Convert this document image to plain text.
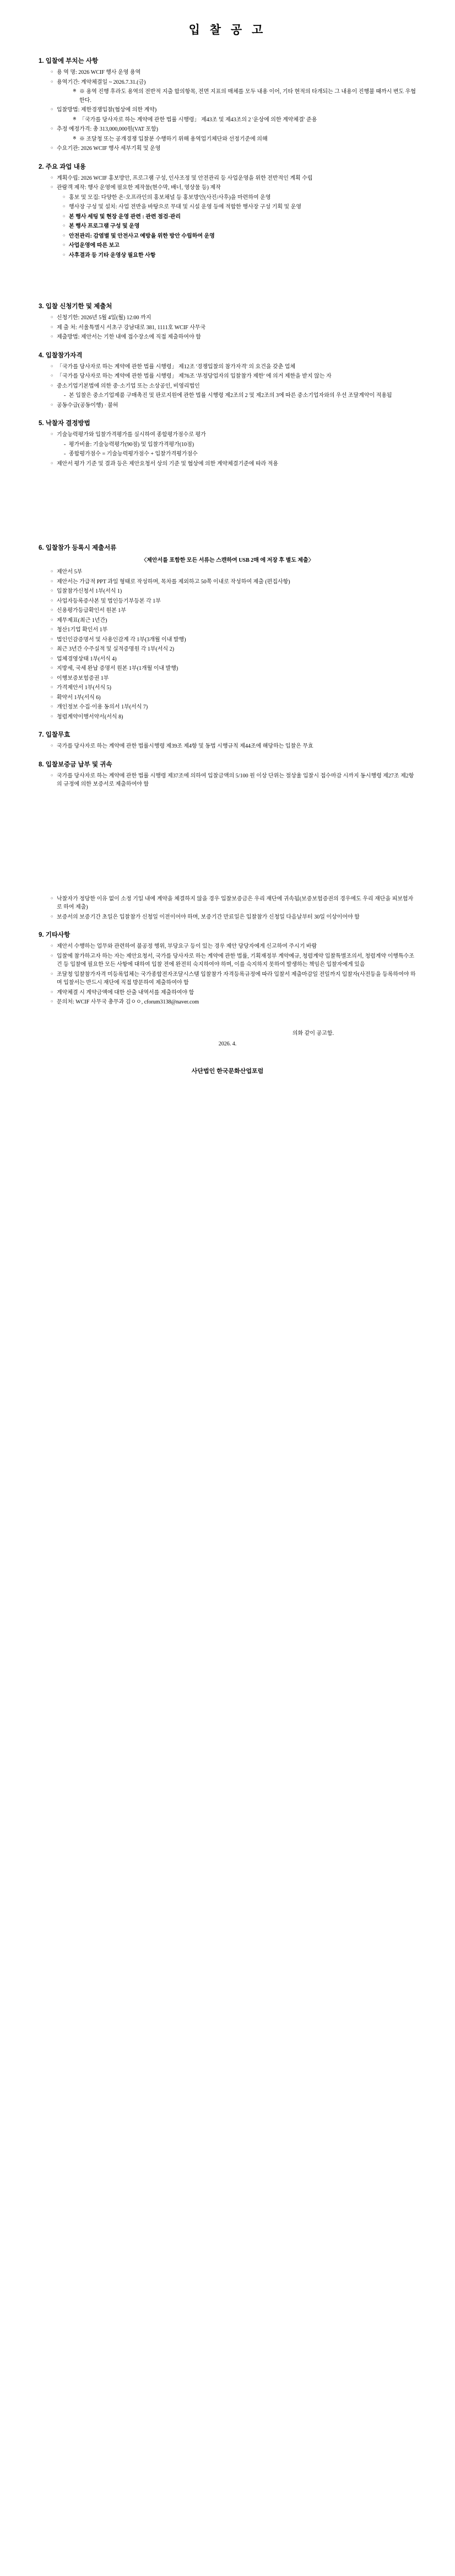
입 찰 공 고
1. 입찰에 부치는 사항
○ 용 역 명: 2026 WCIF 행사 운영 용역
○ 용역기간: 계약체결일 ~ 2026.7.31.(금)
※ ※ 용역 진행 후라도 용역의 전반적 지출 합의항목, 전면 지표의 매체를 모두 내용 이어, 기타 현적의 타개되는 그 내용이 진행불 때까시 변도 우협한다.
○ 입찰방법: 제한경쟁입찰(협상에 의한 계약)
※ 「국가를 당사자로 하는 계약에 관한 법률 시행령」 제43조 및 제43조의 2 '운상에 의한 계약체결' 준용
○ 추정 예정가격: 총 313,000,000원(VAT 포함)
※ ※ 조달청 또는 공개경쟁 입찰분 수행하기 위해 용역업기체단와 선정기준에 의해
○ 수요기관: 2026 WCIF 행사 세부기획 및 운영
2. 주요 과업 내용
○ 계획수립: 2026 WCIF 홍보방안, 프로그램 구성, 인사조정 및 안전관리 등 사업운영을 위한 전반적인 계획 수립
○ 관람객 제작: 행사 운영에 필요한 제작물(현수막, 배너, 영상물 등) 제작
○ 홍보 및 모집: 다양한 온·오프라인의 홍보채널 등 홍보방안(사진/사후)을 마련하여 운영
○ 행사장 구성 및 설치: 사업 전반을 바탕으로 무대 및 시설 운영 등에 적합한 행사장 구성 기획 및 운영
○ 본 행사 세팅 및 현장 운영 관련 : 관련 점검·관리
○ 본 행사 프로그램 구성 및 운영
○ 안전관리: 감염별 및 안전사고 예방을 위한 방안 수립하여 운영
○ 사업운영에 따른 보고
○ 사후결과 등 기타 운영상 필요한 사항
3. 입찰 신청기한 및 제출처
○ 신청기한: 2026년 5월 4일(월) 12:00 까지
○ 제 출 처: 서울특별시 서초구 강남대로 381, 1111호 WCIF 사무국
○ 제출방법: 제안서는 기한 내에 접수장소에 직접 제출하여야 함
4. 입찰참가자격
○ 「국가를 당사자로 하는 계약에 관한 법률 시행령」 제12조 '경쟁입찰의 참가자격' 의 요건을 갖춘 업체
○ 「국가를 당사자로 하는 계약에 관한 법률 시행령」 제76조 '부정당업자의 입찰참가 제한' 에 의거 제한을 받지 않는 자
○ 중소기업기본법에 의한 중·소기업 또는 소상공인, 비영리법인
- 본 입찰은 중소기업제품 구매촉진 및 판로지원에 관한 법률 시행령 제2조의 2 및 제2조의 3에 따른 중소기업자와의 우선 조달계약이 적용됨
○ 공동수급(공동이행) · 불허
5. 낙찰자 결정방법
○ 기술능력평가와 입찰가격평가를 실시하여 종합평가점수로 평가
- 평가비율: 기술능력평가(90점) 및 입찰가격평가(10점)
- 종합평가점수 = 기술능력평가점수 + 입찰가격평가점수
○ 제안서 평가 기준 및 결과 등은 제안요청서 상의 기준 및 협상에 의한 계약체결기준에 따라 적용
6. 입찰참가 등록시 제출서류
〈제안서를 포함한 모든 서류는 스캔하여 USB 2매 에 저장 후 별도 제출〉
○ 제안서 5부
○ 제안서는 가급적 PPT 과일 형태로 작성하며, 목차를 제외하고 50쪽 이내로 작성하여 제출 (편집사항)
○ 입찰참가신청서 1부(서식 1)
○ 사업자등록증사본 및 법인등기부등본 각 1부
○ 신용평가등급확인서 원본 1부
○ 제무제표(최근 1년간)
○ 청산1기업 확인서 1부
○ 법인인감증명서 및 사용인감계 각 1부(3개월 이내 발행)
○ 최근 3년간 수주실적 및 실적증명원 각 1부(서식 2)
○ 업체경영상태 1부(서식 4)
○ 지방세, 국세 완납 증명서 원본 1부(1개월 이내 발행)
○ 이행보증보험증권 1부
○ 가격제안서 1부(서식 5)
○ 확약서 1부(서식 6)
○ 개인정보 수집·이용 동의서 1부(서식 7)
○ 청렴계약이행서약서(서식 8)
7. 입찰무효
○ 국가를 당사자로 하는 계약에 관한 법률시행령 제39조 제4항 및 동법 시행규칙 제44조에 해당하는 입찰은 무효
8. 입찰보증금 납부 및 귀속
○ 국가를 당사자로 하는 계약에 관한 법률 시행령 제37조에 의하여 입찰금액의 5/100 원 이상 단위는 절상율 입찰시 접수마감 시까지 동시행령 제27조 제2항의 규정에 의한 보증서로 제출하여야 함
○ 낙찰자가 정당한 이유 없이 소정 기일 내에 계약을 체결하지 않을 경우 입찰보증금은 우리 재단에 귀속됨(보증보험증권의 경우에도 우리 재단을 피보험자로 하여 제출)
○ 보증서의 보증기간 초일은 입찰참가 신청일 이전이어야 하며, 보증기간 만료일은 입찰참가 신청일 다음날부터 30일 이상이어야 함
9. 기타사항
○ 제안서 수행하는 업무와 관련하여 불공정 행위, 부당요구 등이 있는 경우 제안 당당자에게 신고하여 주시기 바람
○ 입찰에 참가하고자 하는 자는 제안요청서, 국가를 당사자로 하는 계약에 관한 법률, 기획재정부 계약예규, 청렴계약 입찰특별조의서, 청렴계약 이행특수조건 등 입찰에 필요한 모든 사항에 대하여 입찰 전에 완전히 숙지하여야 하며, 이를 숙지하지 못하여 발생하는 책임은 입찰자에게 있음
○ 조달청 입찰참가자격 미등록업체는 국가종합전자조달시스템 입찰참가 자격등록규정에 따라 입찰서 제출마감일 전일까지 입찰자(사전등을 등록하여야 하며 입찰서는 반드시 재단에 직접 방문하여 제출하여야 함
○ 계약체결 시 계약금액에 대한 산출 내역서를 제출하여야 함
○ 문의처: WCIF 사무국 총무과 김ㅇㅇ, cforum3138@naver.com
의화 같이 공고함.
2026. 4.
사단법인 한국문화산업포럼
